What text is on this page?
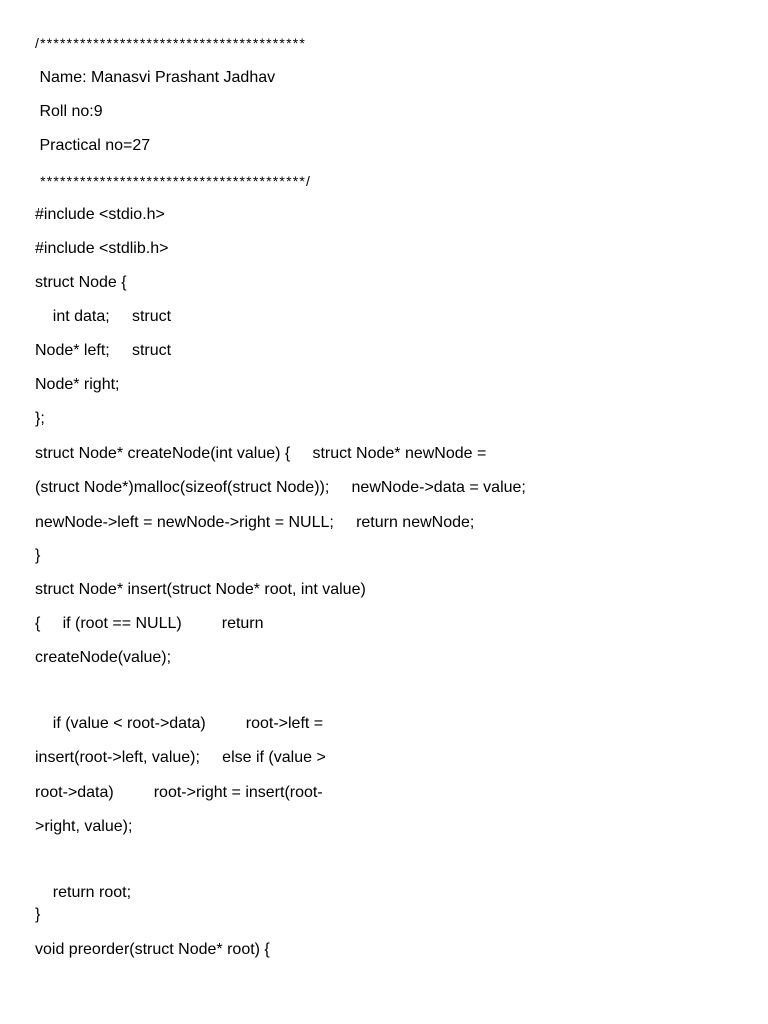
/****************************************

Name: Manasvi Prashant Jadhav

Roll no:9

Practical no=27

****************************************/

#include <stdio.h>

#include <stdlib.h>

struct Node {

int data;     struct

Node* left;     struct

Node* right;

};

struct Node* createNode(int value) {     struct Node* newNode =

(struct Node*)malloc(sizeof(struct Node));     newNode->data = value;

newNode->left = newNode->right = NULL;     return newNode;

}

struct Node* insert(struct Node* root, int value)

{     if (root == NULL)         return

createNode(value);

if (value < root->data)         root->left =

insert(root->left, value);     else if (value >

root->data)         root->right = insert(root-

>right, value);

return root;

}

void preorder(struct Node* root) {
